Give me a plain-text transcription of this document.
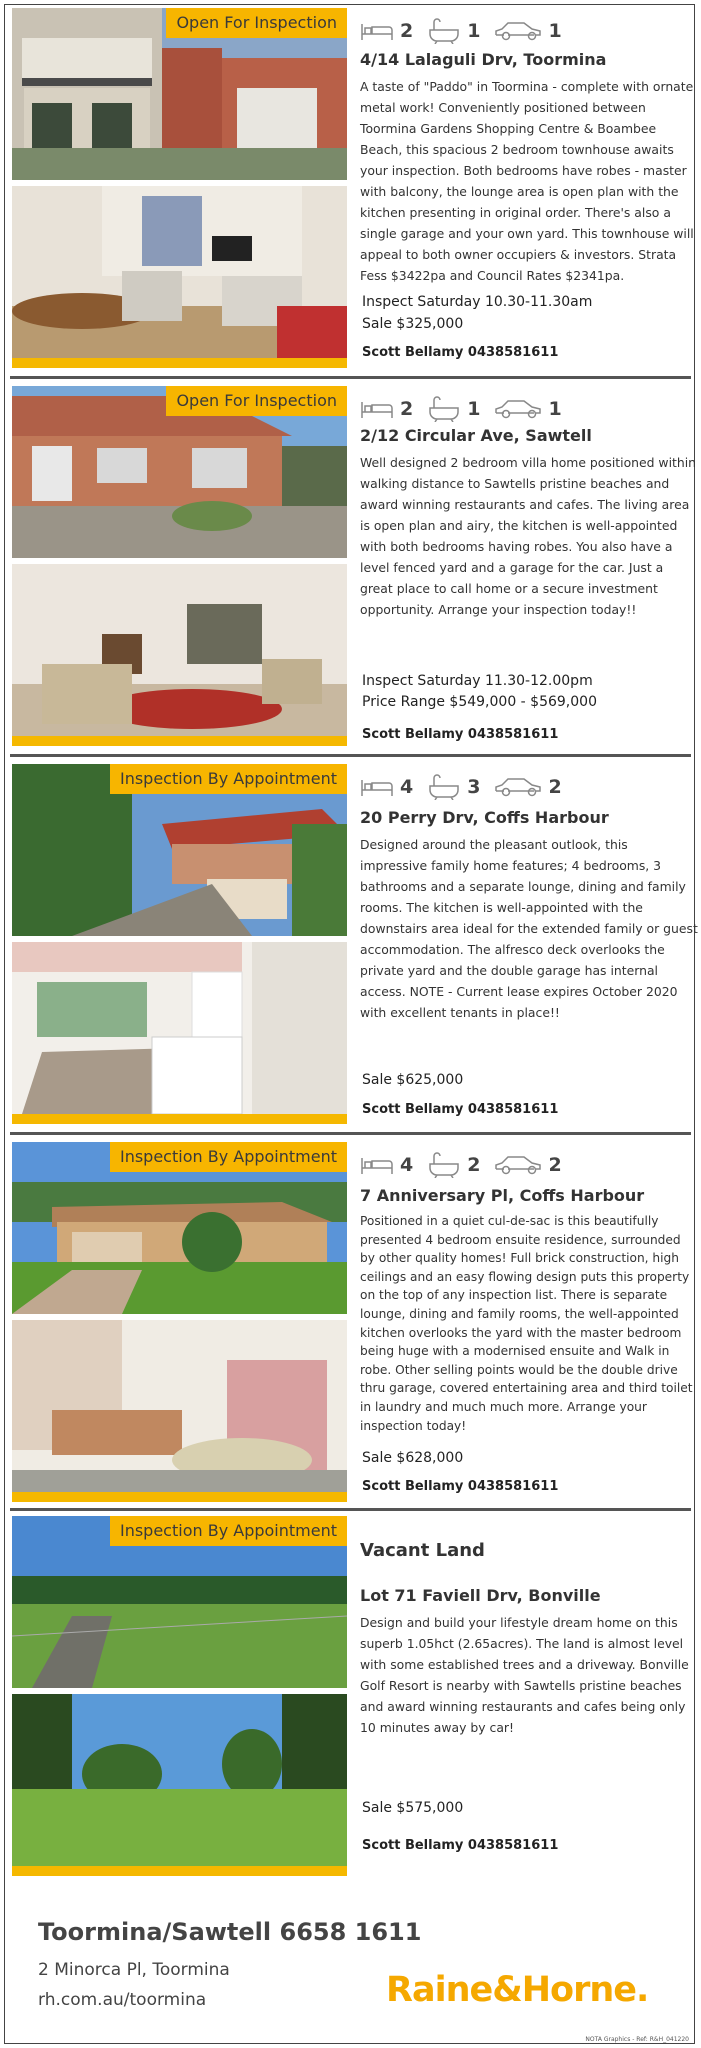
Open For Inspection	2	1	1
4/14 Lalaguli Drv, Toormina
A taste of "Paddo" in Toormina - complete with ornate metal work! Conveniently positioned between Toormina Gardens Shopping Centre & Boambee Beach, this spacious 2 bedroom townhouse awaits your inspection. Both bedrooms have robes - master with balcony, the lounge area is open plan with the kitchen presenting in original order. There's also a single garage and your own yard. This townhouse will appeal to both owner occupiers & investors. Strata Fess $3422pa and Council Rates $2341pa.
Inspect Saturday 10.30-11.30am
Sale $325,000
Scott Bellamy 0438581611
Open For Inspection	2	1	1
2/12 Circular Ave, Sawtell
Well designed 2 bedroom villa home positioned within walking distance to Sawtells pristine beaches and award winning restaurants and cafes. The living area is open plan and airy, the kitchen is well-appointed with both bedrooms having robes. You also have a level fenced yard and a garage for the car. Just a great place to call home or a secure investment opportunity. Arrange your inspection today!!
Inspect Saturday 11.30-12.00pm
Price Range $549,000 - $569,000
Scott Bellamy 0438581611
Inspection By Appointment	4	3	2
20 Perry Drv, Coffs Harbour
Designed around the pleasant outlook, this impressive family home features; 4 bedrooms, 3 bathrooms and a separate lounge, dining and family rooms. The kitchen is well-appointed with the downstairs area ideal for the extended family or guest accommodation. The alfresco deck overlooks the private yard and the double garage has internal access. NOTE - Current lease expires October 2020 with excellent tenants in place!!
Sale $625,000
Scott Bellamy 0438581611
Inspection By Appointment	4	2	2
7 Anniversary Pl, Coffs Harbour
Positioned in a quiet cul-de-sac is this beautifully presented 4 bedroom ensuite residence, surrounded by other quality homes! Full brick construction, high ceilings and an easy flowing design puts this property on the top of any inspection list. There is separate lounge, dining and family rooms, the well-appointed kitchen overlooks the yard with the master bedroom being huge with a modernised ensuite and Walk in robe. Other selling points would be the double drive thru garage, covered entertaining area and third toilet in laundry and much much more. Arrange your inspection today!
Sale $628,000
Scott Bellamy 0438581611
Inspection By Appointment
Vacant Land
Lot 71 Faviell Drv, Bonville
Design and build your lifestyle dream home on this superb 1.05hct (2.65acres). The land is almost level with some established trees and a driveway. Bonville Golf Resort is nearby with Sawtells pristine beaches and award winning restaurants and cafes being only 10 minutes away by car!
Sale $575,000
Scott Bellamy 0438581611
Toormina/Sawtell 6658 1611
2 Minorca Pl, Toormina
rh.com.au/toormina	Raine&Horne.
NOTA Graphics - Ref: R&H_041220
